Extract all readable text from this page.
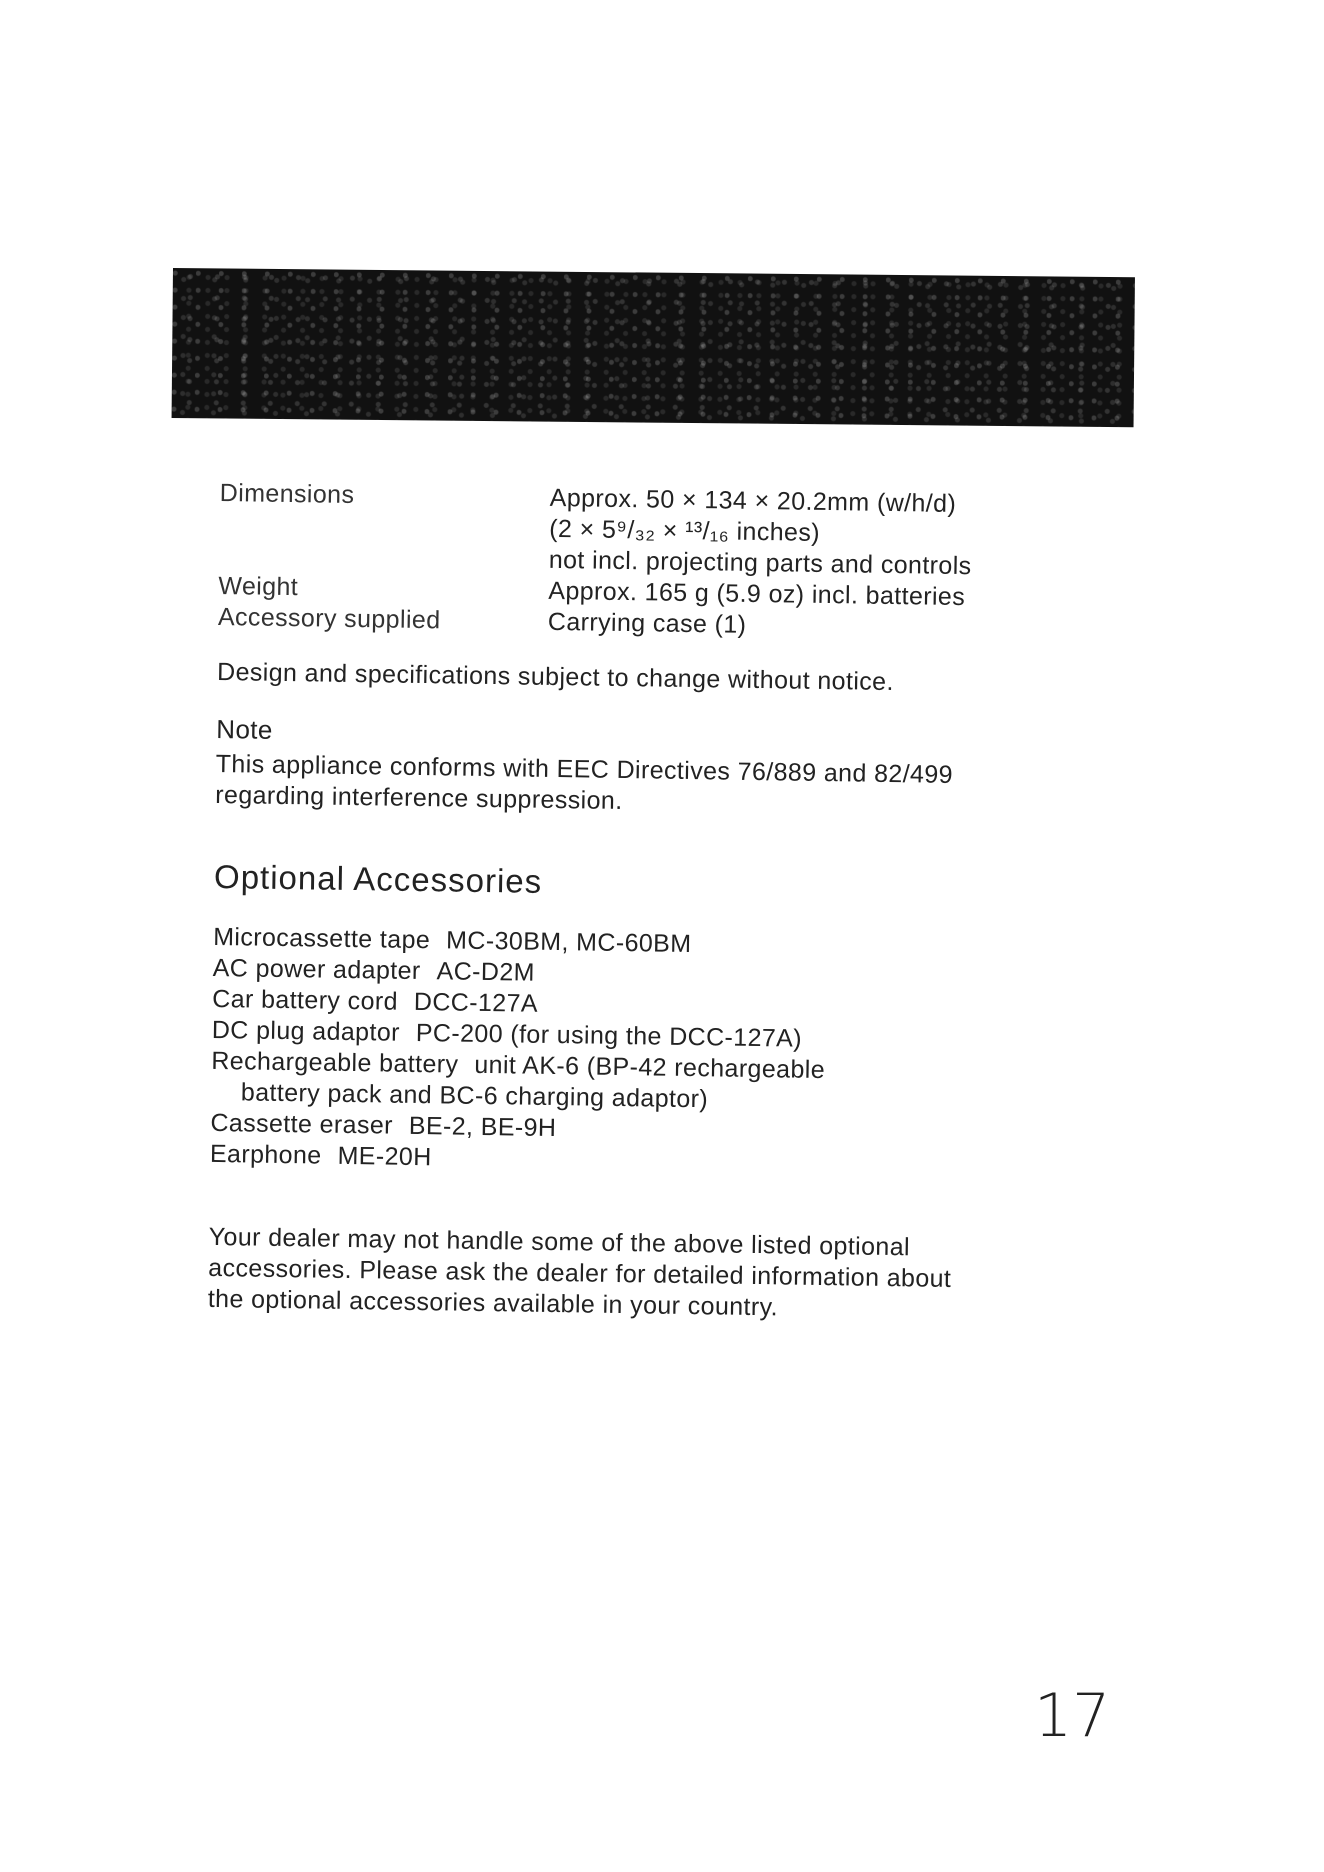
Dimensions	Approx. 50 × 134 × 20.2mm (w/h/d)
(2 × 5⁹/₃₂ × ¹³/₁₆ inches)
not incl. projecting parts and controls
Weight	Approx. 165 g (5.9 oz) incl. batteries
Accessory supplied	Carrying case (1)
Design and specifications subject to change without notice.
Note
This appliance conforms with EEC Directives 76/889 and 82/499
regarding interference suppression.
Optional Accessories
Microcassette tape MC-30BM, MC-60BM
AC power adapter AC-D2M
Car battery cord DCC-127A
DC plug adaptor PC-200 (for using the DCC-127A)
Rechargeable battery unit AK-6 (BP-42 rechargeable
battery pack and BC-6 charging adaptor)
Cassette eraser BE-2, BE-9H
Earphone ME-20H
Your dealer may not handle some of the above listed optional
accessories. Please ask the dealer for detailed information about
the optional accessories available in your country.
17
